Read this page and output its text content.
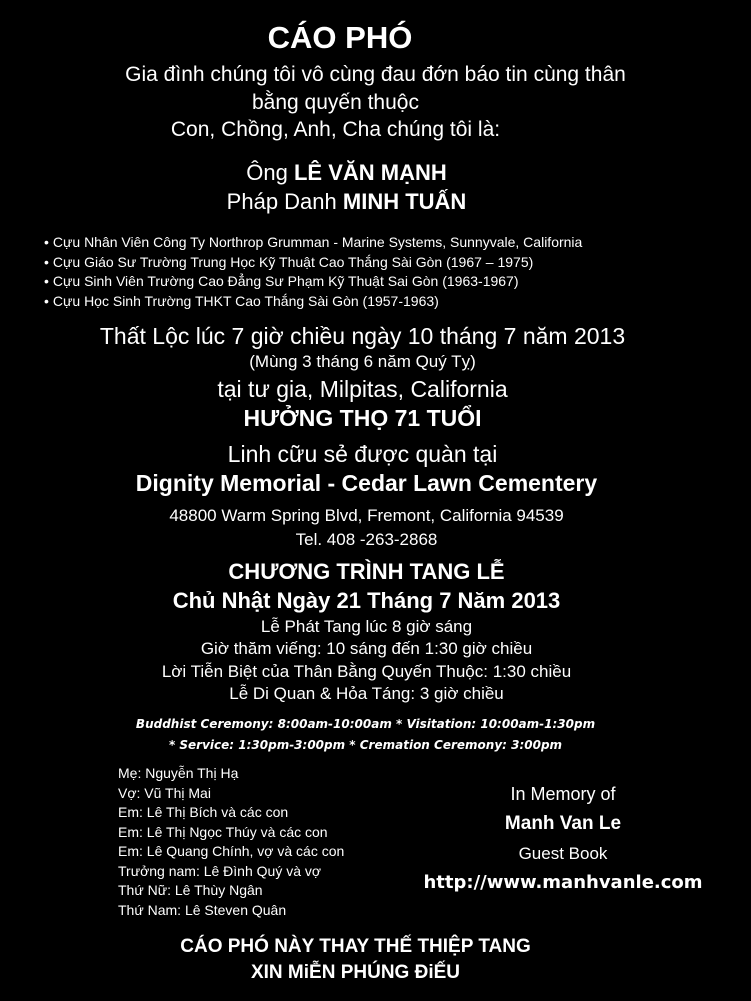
CÁO PHÓ
Gia đình chúng tôi vô cùng đau đớn báo tin cùng thân
bằng quyến thuộc
Con, Chồng, Anh, Cha chúng tôi là:
Ông LÊ VĂN MẠNH
Pháp Danh MINH TUẤN
• Cựu Nhân Viên Công Ty Northrop Grumman - Marine Systems, Sunnyvale, California
• Cựu Giáo Sư Trường Trung Học Kỹ Thuật Cao Thắng Sài Gòn (1967 – 1975)
• Cựu Sinh Viên Trường Cao Đẳng Sư Phạm Kỹ Thuật Sai Gòn (1963-1967)
• Cựu Học Sinh Trường THKT Cao Thắng Sài Gòn (1957-1963)
Thất Lộc lúc 7 giờ chiều ngày 10 tháng 7 năm 2013
(Mùng 3 tháng 6 năm Quý Tỵ)
tại tư gia, Milpitas, California
HƯỞNG THỌ 71 TUỔI
Linh cữu sẻ được quàn tại
Dignity Memorial - Cedar Lawn Cementery
48800 Warm Spring Blvd, Fremont, California 94539
Tel. 408 -263-2868
CHƯƠNG TRÌNH TANG LỄ
Chủ Nhật Ngày 21 Tháng 7 Năm 2013
Lễ Phát Tang lúc 8 giờ sáng
Giờ thăm viếng: 10 sáng đến 1:30 giờ chiều
Lời Tiễn Biệt của Thân Bằng Quyến Thuộc: 1:30 chiều
Lễ Di Quan & Hỏa Táng: 3 giờ chiều
Buddhist Ceremony: 8:00am-10:00am * Visitation: 10:00am-1:30pm
* Service: 1:30pm-3:00pm * Cremation Ceremony: 3:00pm
Mẹ: Nguyễn Thị Hạ
Vợ: Vũ Thị Mai
Em: Lê Thị Bích và các con
Em: Lê Thị Ngọc Thúy và các con
Em: Lê Quang Chính, vợ và các con
Trưởng nam: Lê Đình Quý và vợ
Thứ Nữ: Lê Thùy Ngân
Thứ Nam: Lê Steven Quân
In Memory of
Manh Van Le
Guest Book
http://www.manhvanle.com
CÁO PHÓ NÀY THAY THẾ THIỆP TANG
XIN MiỄN PHÚNG ĐiẾU
